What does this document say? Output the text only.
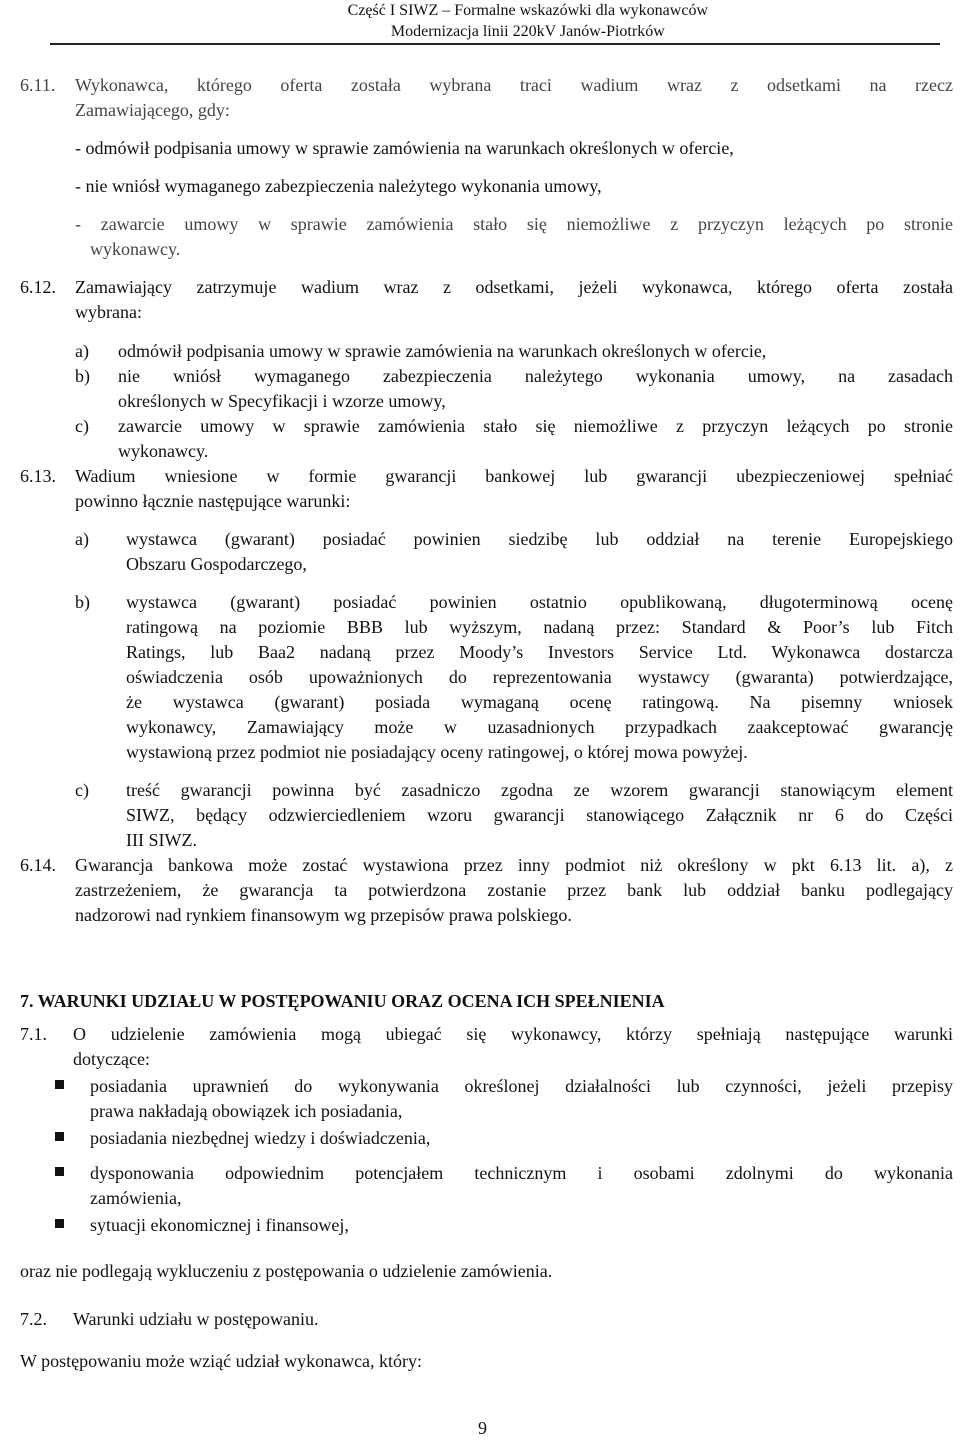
Część I SIWZ – Formalne wskazówki dla wykonawców
Modernizacja linii 220kV Janów-Piotrków
6.11. Wykonawca, którego oferta została wybrana traci wadium wraz z odsetkami na rzecz
Zamawiającego, gdy:
- odmówił podpisania umowy w sprawie zamówienia na warunkach określonych w ofercie,
- nie wniósł wymaganego zabezpieczenia należytego wykonania umowy,
- zawarcie umowy w sprawie zamówienia stało się niemożliwe z przyczyn leżących po stronie
wykonawcy.
6.12. Zamawiający zatrzymuje wadium wraz z odsetkami, jeżeli wykonawca, którego oferta została
wybrana:
a) odmówił podpisania umowy w sprawie zamówienia na warunkach określonych w ofercie,
b) nie wniósł wymaganego zabezpieczenia należytego wykonania umowy, na zasadach
określonych w Specyfikacji i wzorze umowy,
c) zawarcie umowy w sprawie zamówienia stało się niemożliwe z przyczyn leżących po stronie
wykonawcy.
6.13. Wadium wniesione w formie gwarancji bankowej lub gwarancji ubezpieczeniowej spełniać
powinno łącznie następujące warunki:
a) wystawca (gwarant) posiadać powinien siedzibę lub oddział na terenie Europejskiego
Obszaru Gospodarczego,
b) wystawca (gwarant) posiadać powinien ostatnio opublikowaną, długoterminową ocenę
ratingową na poziomie BBB lub wyższym, nadaną przez: Standard & Poor’s lub Fitch
Ratings, lub Baa2 nadaną przez Moody’s Investors Service Ltd. Wykonawca dostarcza
oświadczenia osób upoważnionych do reprezentowania wystawcy (gwaranta) potwierdzające,
że wystawca (gwarant) posiada wymaganą ocenę ratingową. Na pisemny wniosek
wykonawcy, Zamawiający może w uzasadnionych przypadkach zaakceptować gwarancję
wystawioną przez podmiot nie posiadający oceny ratingowej, o której mowa powyżej.
c) treść gwarancji powinna być zasadniczo zgodna ze wzorem gwarancji stanowiącym element
SIWZ, będący odzwierciedleniem wzoru gwarancji stanowiącego Załącznik nr 6 do Części
III SIWZ.
6.14. Gwarancja bankowa może zostać wystawiona przez inny podmiot niż określony w pkt 6.13 lit. a), z
zastrzeżeniem, że gwarancja ta potwierdzona zostanie przez bank lub oddział banku podlegający
nadzorowi nad rynkiem finansowym wg przepisów prawa polskiego.
7. WARUNKI UDZIAŁU W POSTĘPOWANIU ORAZ OCENA ICH SPEŁNIENIA
7.1. O udzielenie zamówienia mogą ubiegać się wykonawcy, którzy spełniają następujące warunki
dotyczące:
posiadania uprawnień do wykonywania określonej działalności lub czynności, jeżeli przepisy
prawa nakładają obowiązek ich posiadania,
posiadania niezbędnej wiedzy i doświadczenia,
dysponowania odpowiednim potencjałem technicznym i osobami zdolnymi do wykonania
zamówienia,
sytuacji ekonomicznej i finansowej,
oraz nie podlegają wykluczeniu z postępowania o udzielenie zamówienia.
7.2. Warunki udziału w postępowaniu.
W postępowaniu może wziąć udział wykonawca, który:
9
